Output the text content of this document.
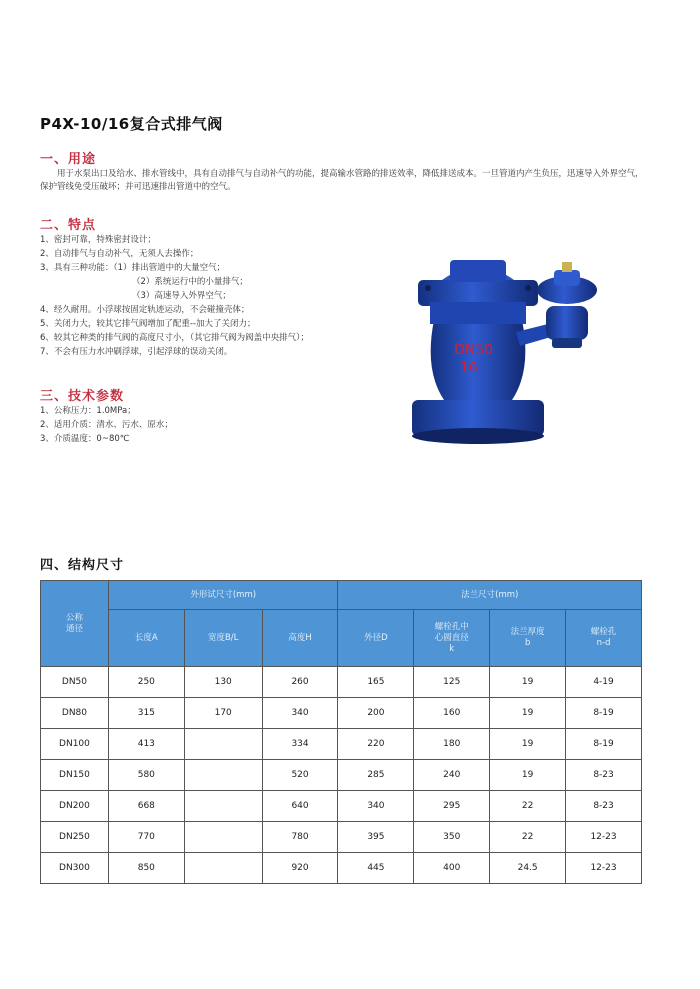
P4X-10/16复合式排气阀
一、用途

用于水泵出口及给水、排水管线中，具有自动排气与自动补气的功能，提高输水管路的排送效率，降低排送成本。一旦管道内产生负压，迅速导入外界空气，保护管线免受压破坏；并可迅速排出管道中的空气。

二、特点
1、密封可靠，特殊密封设计；
2、自动排气与自动补气，无须人去操作；
3、具有三种功能：（1）排出管道中的大量空气；
（2）系统运行中的小量排气；
（3）高速导入外界空气；
4、经久耐用。小浮球按固定轨迹运动，不会碰撞壳体；
5、关闭力大，较其它排气阀增加了配重--加大了关闭力；
6、较其它种类的排气阀的高度尺寸小，（其它排气阀为阀盖中央排气）；
7、不会有压力水冲刷浮球，引起浮球的误动关闭。
三、技术参数
1、公称压力：1.0MPa；
2、适用介质：清水、污水、原水；
3、介质温度：0~80℃
DN50
16
四、结构尺寸
公称
通径	外形试尺寸(mm)			法兰尺寸(mm)			
	长度A	宽度B/L	高度H	外径D	螺栓孔中
心圆直径
k	法兰厚度
b	螺栓孔
n-d
DN50	250	130	260	165	125	19	4-19
DN80	315	170	340	200	160	19	8-19
DN100	413		334	220	180	19	8-19
DN150	580		520	285	240	19	8-23
DN200	668		640	340	295	22	8-23
DN250	770		780	395	350	22	12-23
DN300	850		920	445	400	24.5	12-23
